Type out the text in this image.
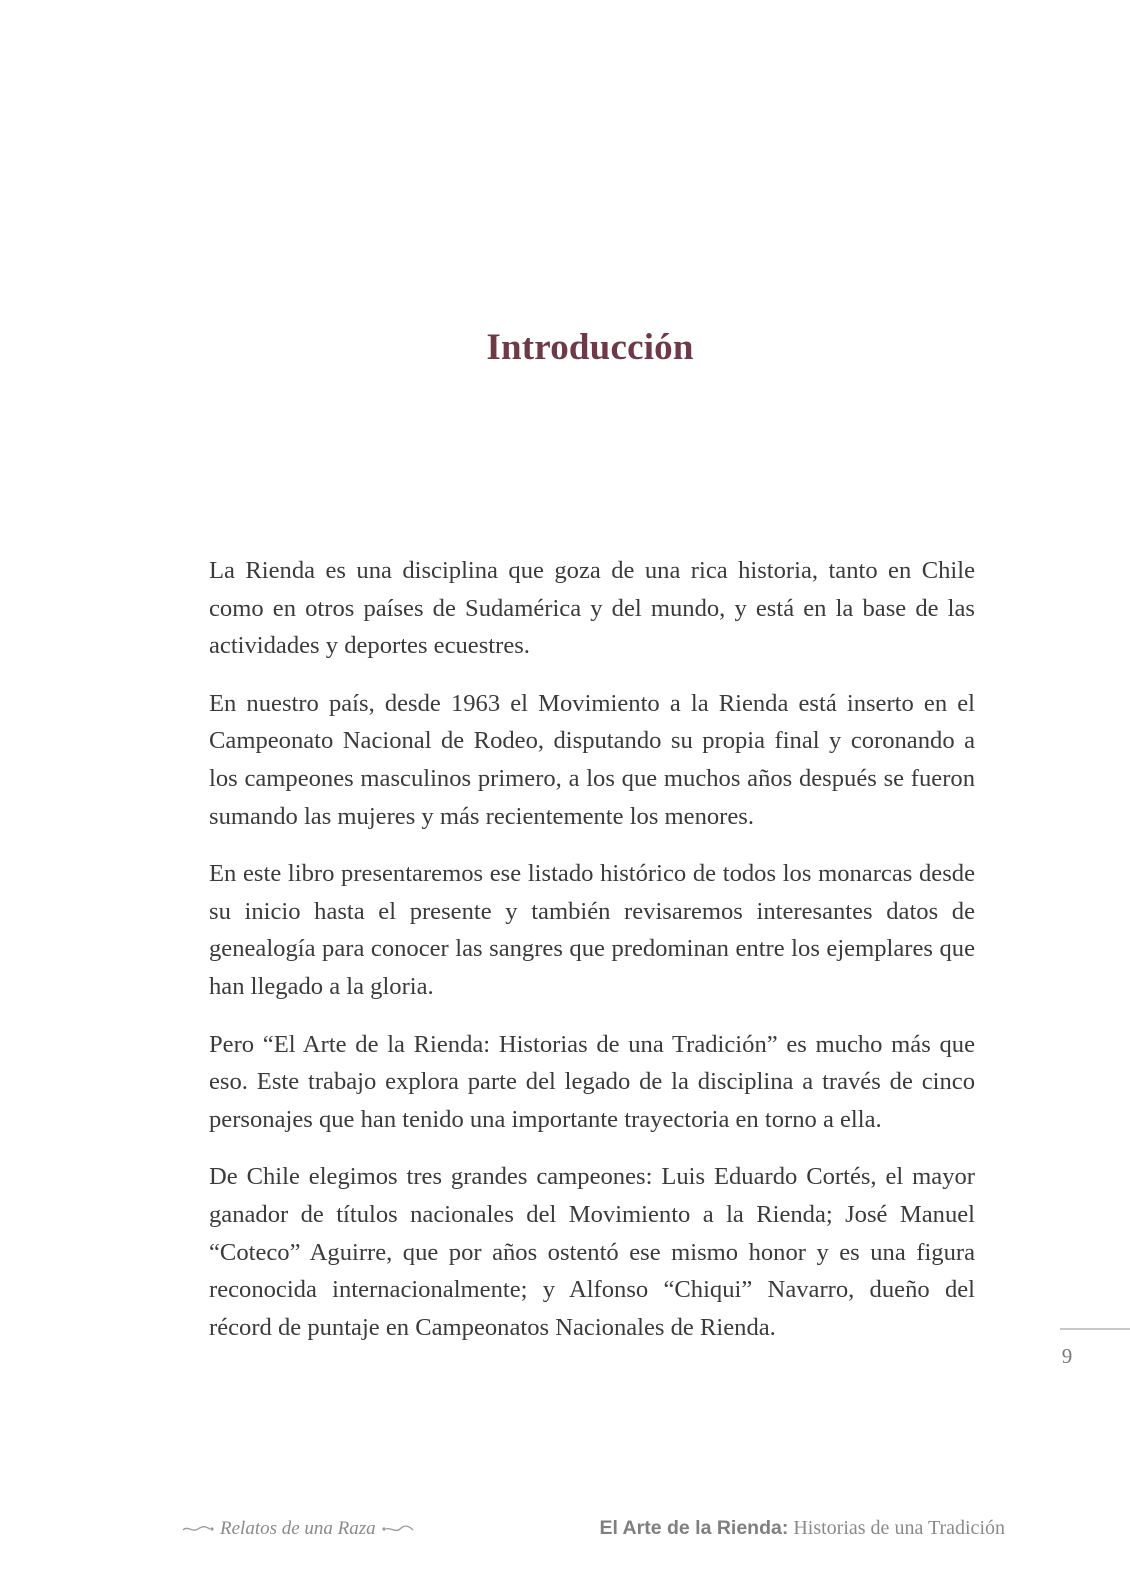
Introducción

La Rienda es una disciplina que goza de una rica historia, tanto en Chile como en otros países de Sudamérica y del mundo, y está en la base de las actividades y deportes ecuestres.

En nuestro país, desde 1963 el Movimiento a la Rienda está inserto en el Campeonato Nacional de Rodeo, disputando su propia final y coronando a los campeones masculinos primero, a los que muchos años después se fueron sumando las mujeres y más recientemente los menores.

En este libro presentaremos ese listado histórico de todos los monarcas desde su inicio hasta el presente y también revisaremos interesantes datos de genealogía para conocer las sangres que predominan entre los ejemplares que han llegado a la gloria.

Pero “El Arte de la Rienda: Historias de una Tradición” es mucho más que eso. Este trabajo explora parte del legado de la disciplina a través de cinco personajes que han tenido una importante trayectoria en torno a ella.

De Chile elegimos tres grandes campeones: Luis Eduardo Cortés, el mayor ganador de títulos nacionales del Movimiento a la Rienda; José Manuel “Coteco” Aguirre, que por años ostentó ese mismo honor y es una figura reconocida internacionalmente; y Alfonso “Chiqui” Navarro, dueño del récord de puntaje en Campeonatos Nacionales de Rienda.

9
Relatos de una Raza	El Arte de la Rienda: Historias de una Tradición
